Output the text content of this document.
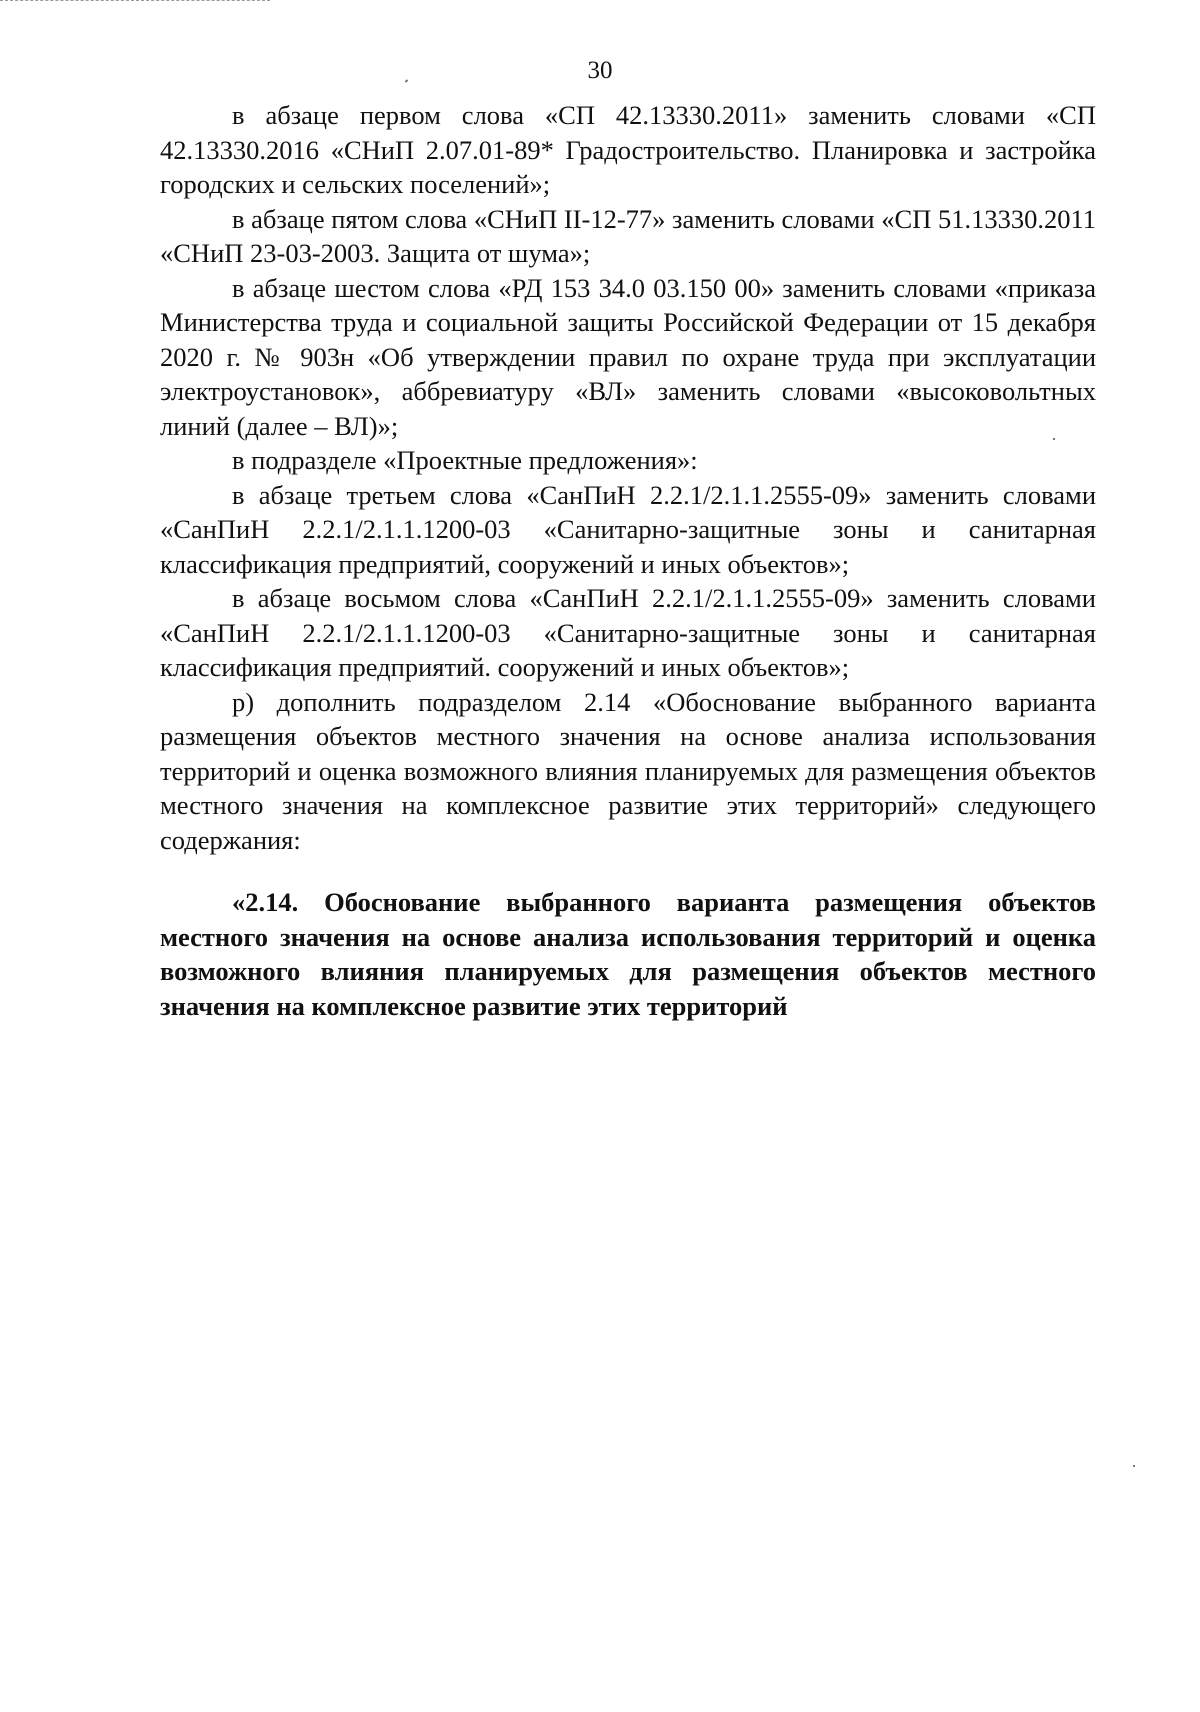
30

в абзаце первом слова «СП 42.13330.2011» заменить словами «СП 42.13330.2016 «СНиП 2.07.01-89* Градостроительство. Планировка и застройка городских и сельских поселений»;

в абзаце пятом слова «СНиП II-12-77» заменить словами «СП 51.13330.2011 «СНиП 23-03-2003. Защита от шума»;

в абзаце шестом слова «РД 153 34.0 03.150 00» заменить словами «приказа Министерства труда и социальной защиты Российской Федерации от 15 декабря 2020 г. № 903н «Об утверждении правил по охране труда при эксплуатации электроустановок», аббревиатуру «ВЛ» заменить словами «высоковольтных линий (далее – ВЛ)»;

в подразделе «Проектные предложения»:

в абзаце третьем слова «СанПиН 2.2.1/2.1.1.2555-09» заменить словами «СанПиН 2.2.1/2.1.1.1200-03 «Санитарно-защитные зоны и санитарная классификация предприятий, сооружений и иных объектов»;

в абзаце восьмом слова «СанПиН 2.2.1/2.1.1.2555-09» заменить словами «СанПиН 2.2.1/2.1.1.1200-03 «Санитарно-защитные зоны и санитарная классификация предприятий. сооружений и иных объектов»;

р) дополнить подразделом 2.14 «Обоснование выбранного варианта размещения объектов местного значения на основе анализа использования территорий и оценка возможного влияния планируемых для размещения объектов местного значения на комплексное развитие этих территорий» следующего содержания:

«2.14. Обоснование выбранного варианта размещения объектов местного значения на основе анализа использования территорий и оценка возможного влияния планируемых для размещения объектов местного значения на комплексное развитие этих территорий
